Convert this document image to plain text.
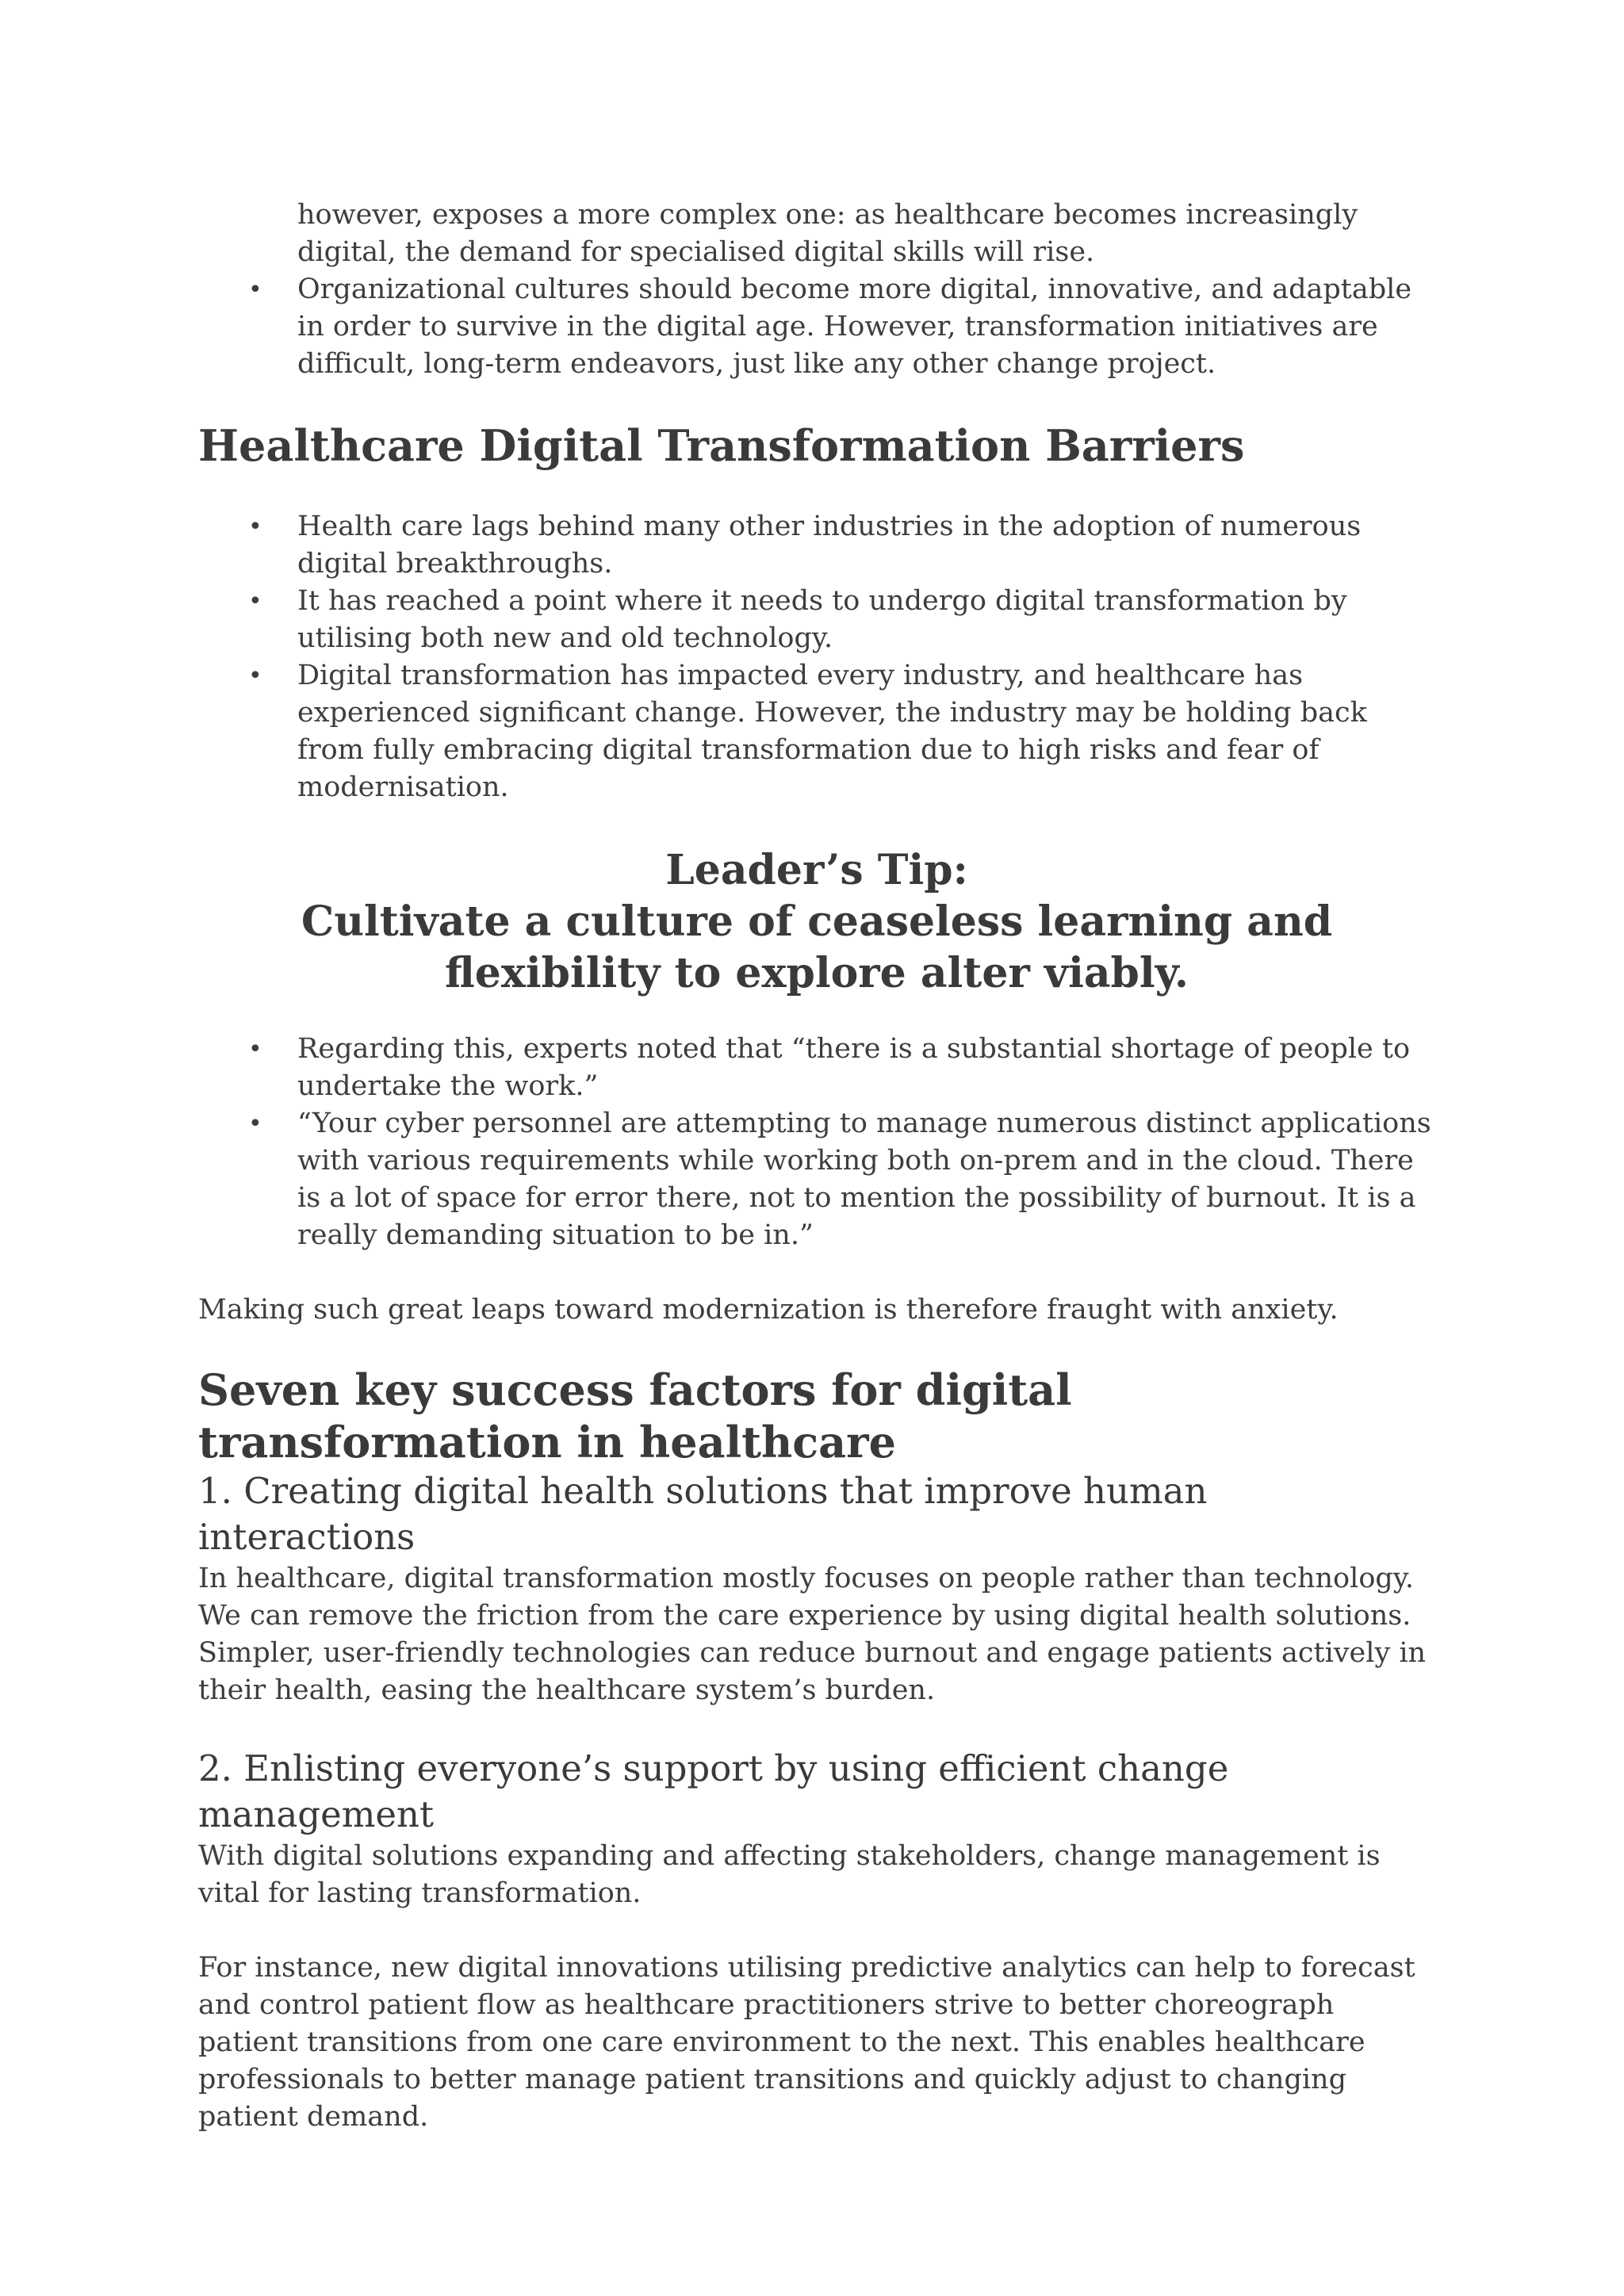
however, exposes a more complex one: as healthcare becomes increasingly digital, the demand for specialised digital skills will rise.
• Organizational cultures should become more digital, innovative, and adaptable in order to survive in the digital age. However, transformation initiatives are difficult, long-term endeavors, just like any other change project.
Healthcare Digital Transformation Barriers
• Health care lags behind many other industries in the adoption of numerous digital breakthroughs.
• It has reached a point where it needs to undergo digital transformation by utilising both new and old technology.
• Digital transformation has impacted every industry, and healthcare has experienced significant change. However, the industry may be holding back from fully embracing digital transformation due to high risks and fear of modernisation.
Leader’s Tip:
Cultivate a culture of ceaseless learning and flexibility to explore alter viably.
• Regarding this, experts noted that “there is a substantial shortage of people to undertake the work.”
• “Your cyber personnel are attempting to manage numerous distinct applications with various requirements while working both on-prem and in the cloud. There is a lot of space for error there, not to mention the possibility of burnout. It is a really demanding situation to be in.”

Making such great leaps toward modernization is therefore fraught with anxiety.

Seven key success factors for digital transformation in healthcare
1. Creating digital health solutions that improve human interactions

In healthcare, digital transformation mostly focuses on people rather than technology. We can remove the friction from the care experience by using digital health solutions. Simpler, user-friendly technologies can reduce burnout and engage patients actively in their health, easing the healthcare system’s burden.

2. Enlisting everyone’s support by using efficient change management

With digital solutions expanding and affecting stakeholders, change management is vital for lasting transformation.

For instance, new digital innovations utilising predictive analytics can help to forecast and control patient flow as healthcare practitioners strive to better choreograph patient transitions from one care environment to the next. This enables healthcare professionals to better manage patient transitions and quickly adjust to changing patient demand.
